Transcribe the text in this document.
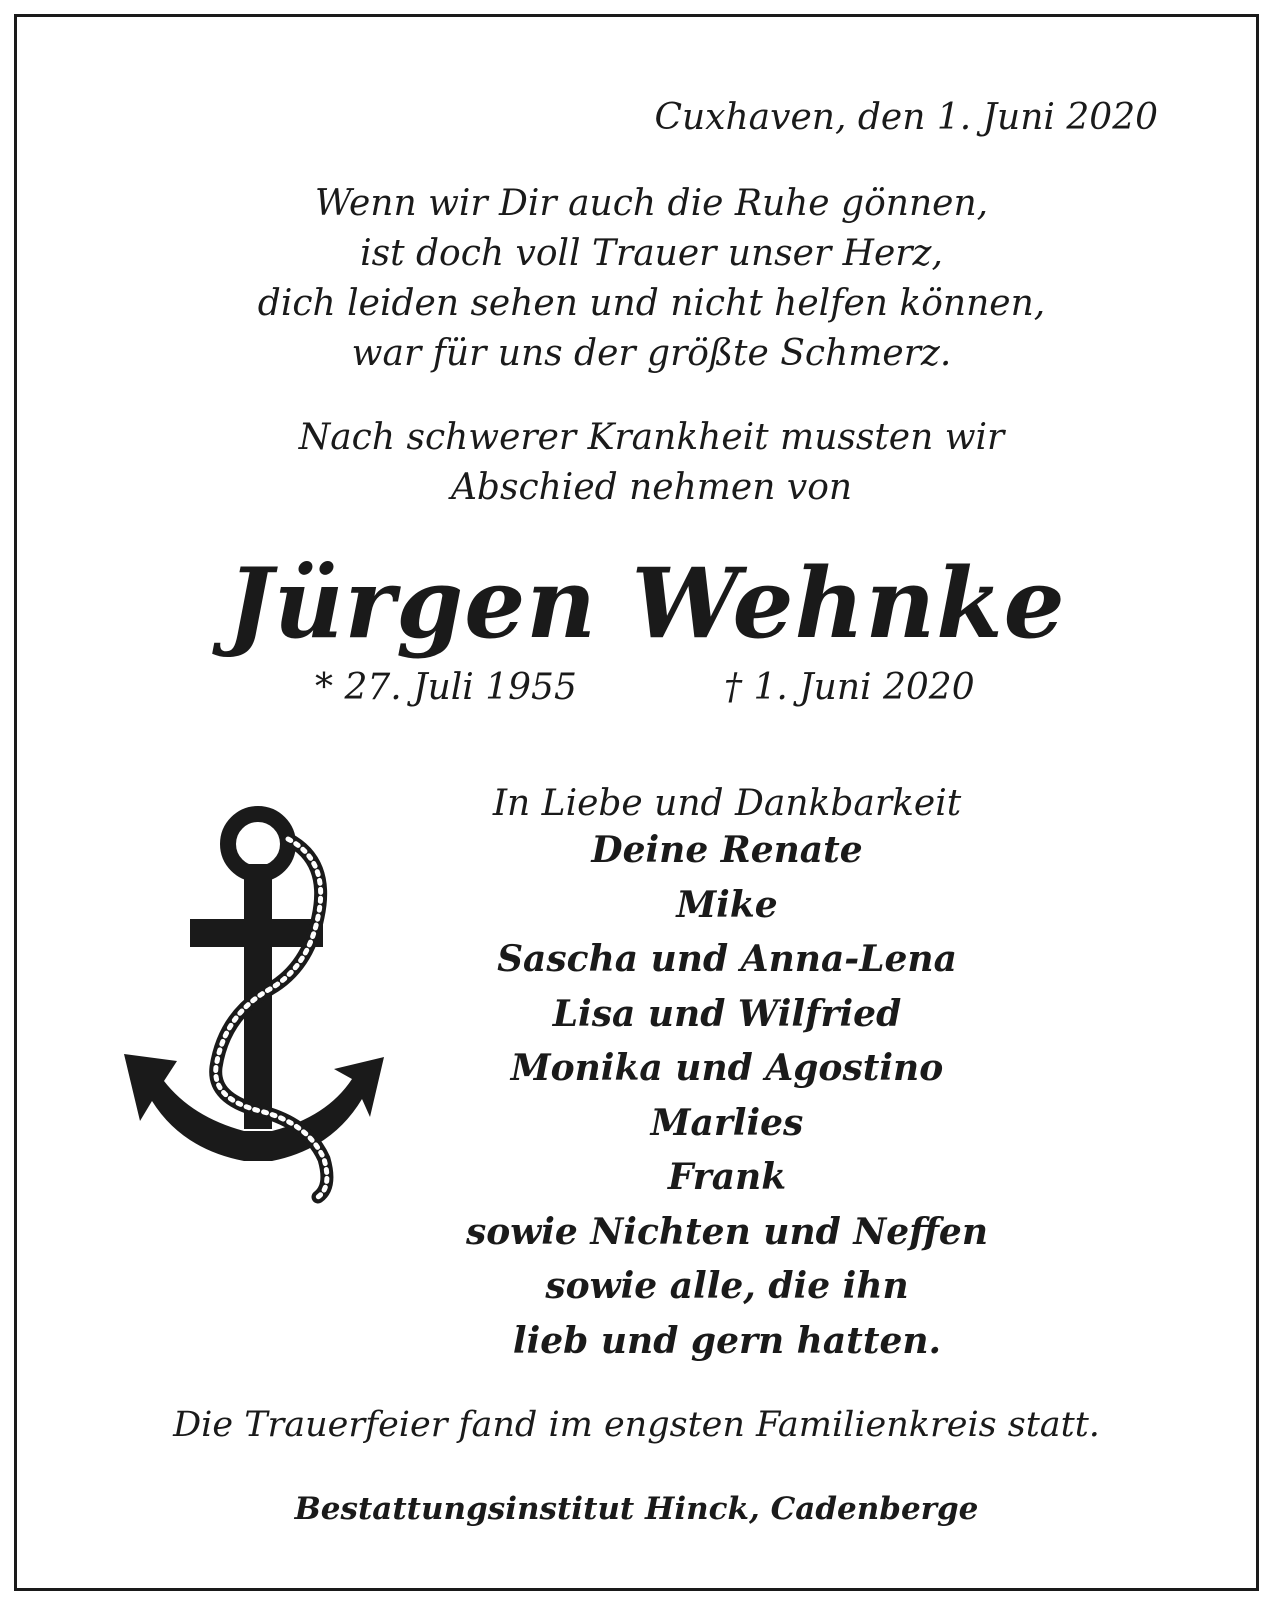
Cuxhaven, den 1. Juni 2020

Wenn wir Dir auch die Ruhe gönnen,
ist doch voll Trauer unser Herz,
dich leiden sehen und nicht helfen können,
war für uns der größte Schmerz.
Nach schwerer Krankheit mussten wir
Abschied nehmen von
Jürgen Wehnke

* 27. Juli 1955	† 1. Juni 2020

In Liebe und Dankbarkeit

Deine Renate
Mike
Sascha und Anna-Lena
Lisa und Wilfried
Monika und Agostino
Marlies
Frank
sowie Nichten und Neffen
sowie alle, die ihn
lieb und gern hatten.

Die Trauerfeier fand im engsten Familienkreis statt.

Bestattungsinstitut Hinck, Cadenberge
